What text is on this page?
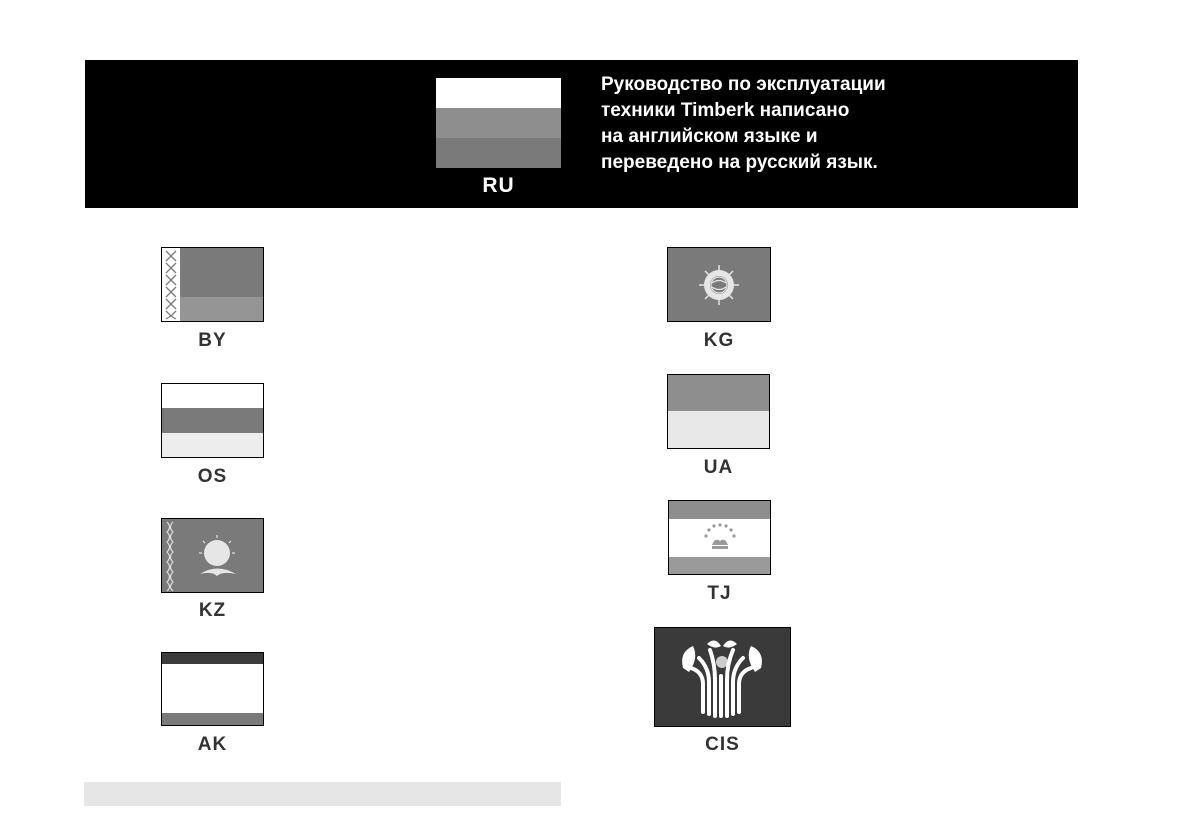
RU
Руководство по эксплуатации
техники Timberk написано
на английском языке и
переведено на русский язык.
BY
OS
KZ
AK
KG
UA
TJ
CIS
